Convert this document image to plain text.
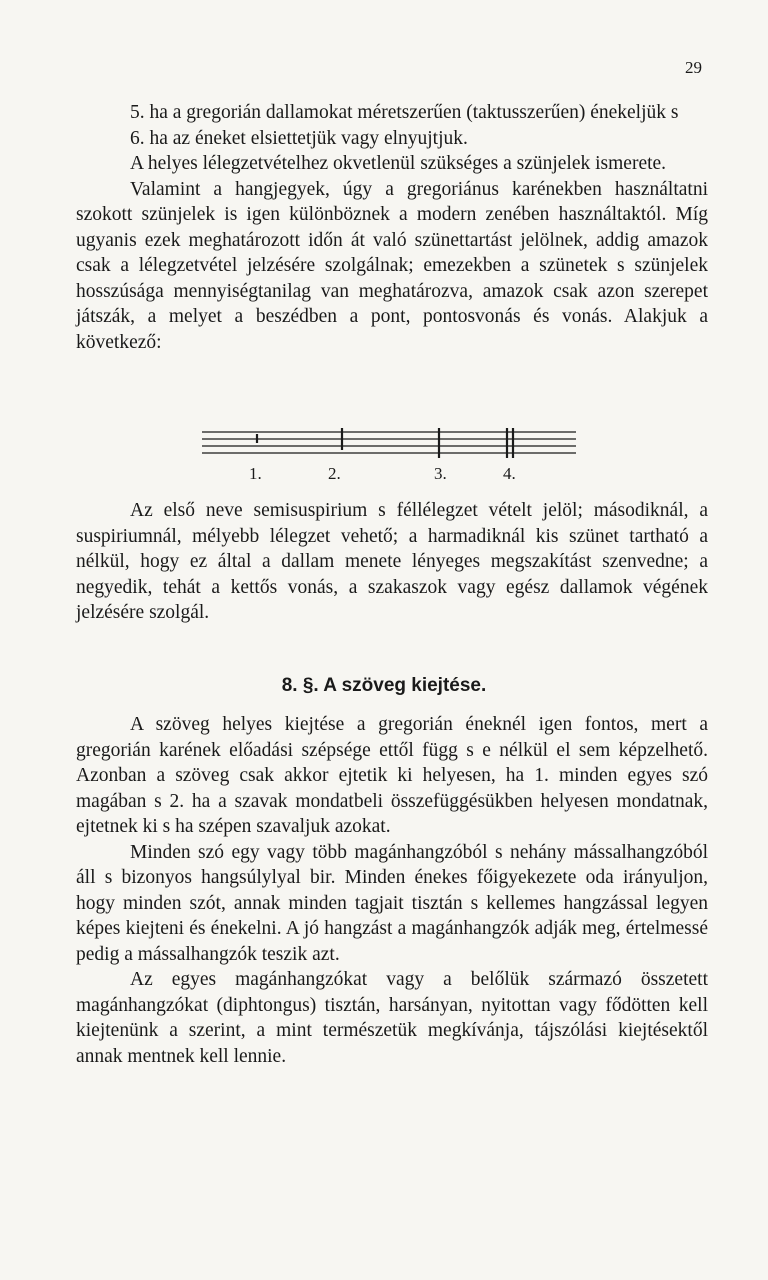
29

5. ha a gregorián dallamokat méretszerűen (taktusszerűen) énekeljük s

6. ha az éneket elsiettetjük vagy elnyujtjuk.

A helyes lélegzetvételhez okvetlenül szükséges a szünjelek ismerete.

Valamint a hangjegyek, úgy a gregoriánus karénekben használtatni szokott szünjelek is igen különböznek a modern zenében használtaktól. Míg ugyanis ezek meghatározott időn át való szünettartást jelölnek, addig amazok csak a lélegzetvétel jelzésére szolgálnak; emezekben a szünetek s szünjelek hosszúsága mennyiségtanilag van meghatározva, amazok csak azon szerepet játszák, a melyet a beszédben a pont, pontosvonás és vonás. Alakjuk a következő:

1.	2.	3.	4.

Az első neve semisuspirium s féllélegzet vételt jelöl; másodiknál, a suspiriumnál, mélyebb lélegzet vehető; a harmadiknál kis szünet tartható a nélkül, hogy ez által a dallam menete lényeges megszakítást szenvedne; a negyedik, tehát a kettős vonás, a szakaszok vagy egész dallamok végének jelzésére szolgál.

8. §. A szöveg kiejtése.

A szöveg helyes kiejtése a gregorián éneknél igen fontos, mert a gregorián karének előadási szépsége ettől függ s e nélkül el sem képzelhető. Azonban a szöveg csak akkor ejtetik ki helyesen, ha 1. minden egyes szó magában s 2. ha a szavak mondatbeli összefüggésükben helyesen mondatnak, ejtetnek ki s ha szépen szavaljuk azokat.

Minden szó egy vagy több magánhangzóból s nehány mássalhangzóból áll s bizonyos hangsúlylyal bir. Minden énekes főigyekezete oda irányuljon, hogy minden szót, annak minden tagjait tisztán s kellemes hangzással legyen képes kiejteni és énekelni. A jó hangzást a magánhangzók adják meg, értelmessé pedig a mássalhangzók teszik azt.

Az egyes magánhangzókat vagy a belőlük származó összetett magánhangzókat (diphtongus) tisztán, harsányan, nyitottan vagy fődötten kell kiejtenünk a szerint, a mint természetük megkívánja, tájszólási kiejtésektől annak mentnek kell lennie.
